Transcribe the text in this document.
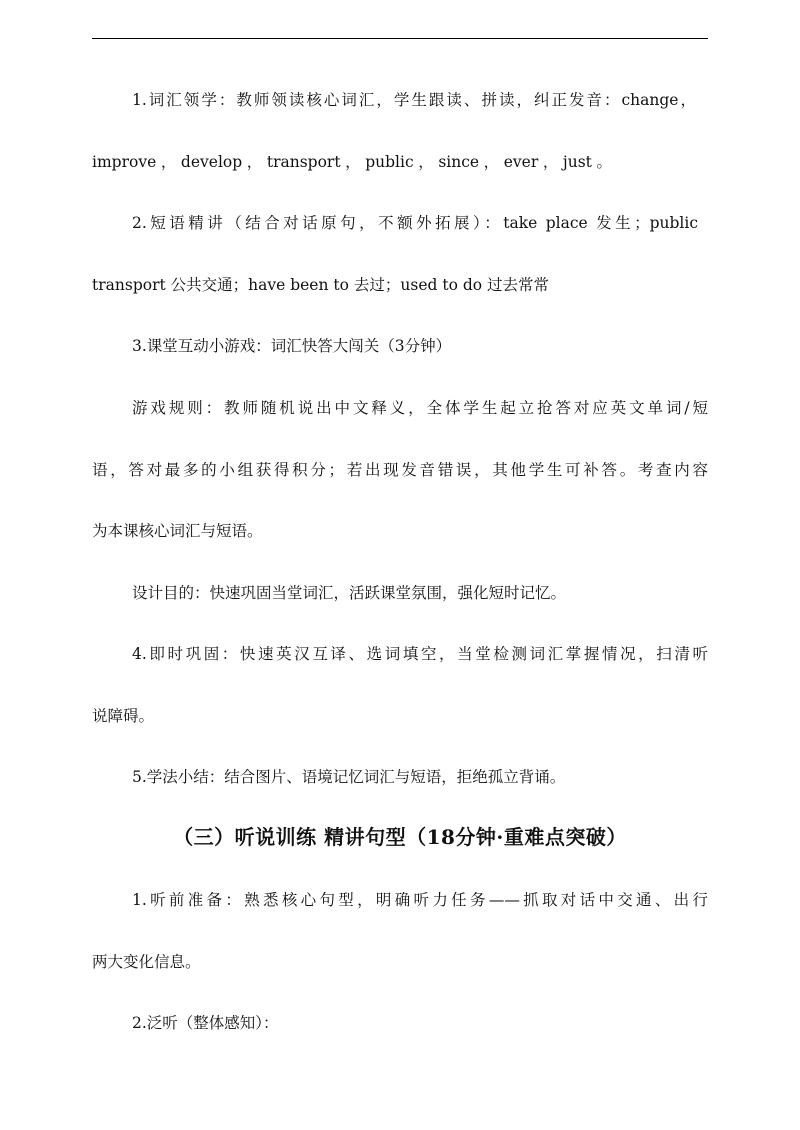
1.词汇领学：教师领读核心词汇，学生跟读、拼读，纠正发音：change，
improve，develop，transport，public，since，ever，just。
2.短语精讲（结合对话原句，不额外拓展）：take place 发生；public
transport 公共交通；have been to 去过；used to do 过去常常
3.课堂互动小游戏：词汇快答大闯关（3分钟）
游戏规则：教师随机说出中文释义，全体学生起立抢答对应英文单词/短
语，答对最多的小组获得积分；若出现发音错误，其他学生可补答。考查内容
为本课核心词汇与短语。
设计目的：快速巩固当堂词汇，活跃课堂氛围，强化短时记忆。
4.即时巩固：快速英汉互译、选词填空，当堂检测词汇掌握情况，扫清听
说障碍。
5.学法小结：结合图片、语境记忆词汇与短语，拒绝孤立背诵。
（三）听说训练 精讲句型（18分钟·重难点突破）
1.听前准备：熟悉核心句型，明确听力任务——抓取对话中交通、出行
两大变化信息。
2.泛听（整体感知）：
